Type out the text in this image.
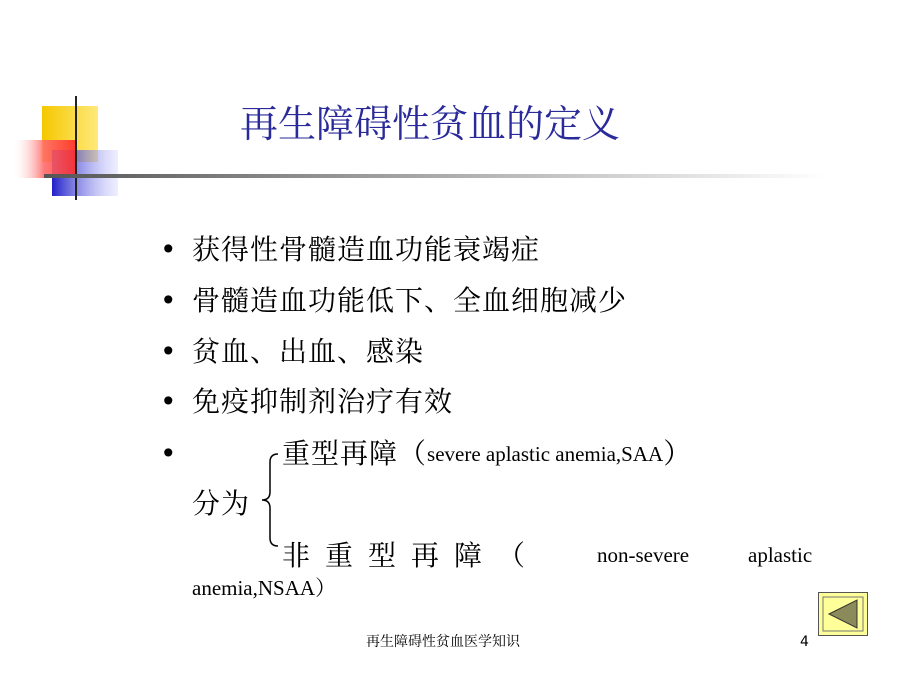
再生障碍性贫血的定义
• 获得性骨髓造血功能衰竭症
• 骨髓造血功能低下、全血细胞减少
• 贫血、出血、感染
• 免疫抑制剂治疗有效
•	重型再障（severe aplastic anemia,SAA）
分为
非重型再障（	non-severe	aplastic
anemia,NSAA）
再生障碍性贫血医学知识	4
